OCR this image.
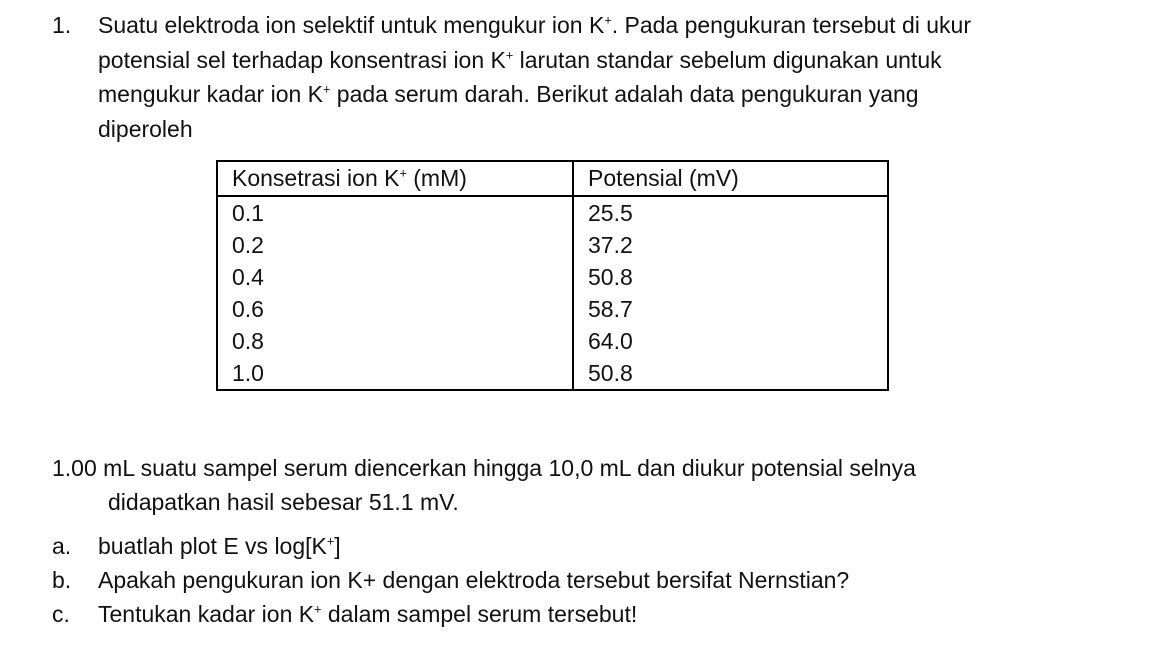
1.	Suatu elektroda ion selektif untuk mengukur ion K+. Pada pengukuran tersebut di ukur
potensial sel terhadap konsentrasi ion K+ larutan standar sebelum digunakan untuk
mengukur kadar ion K+ pada serum darah. Berikut adalah data pengukuran yang
diperoleh
Konsetrasi ion K+ (mM)	Potensial (mV)
0.1	25.5
0.2	37.2
0.4	50.8
0.6	58.7
0.8	64.0
1.0	50.8
1.00 mL suatu sampel serum diencerkan hingga 10,0 mL dan diukur potensial selnya
didapatkan hasil sebesar 51.1 mV.
a.	buatlah plot E vs log[K+]
b.	Apakah pengukuran ion K+ dengan elektroda tersebut bersifat Nernstian?
c.	Tentukan kadar ion K+ dalam sampel serum tersebut!
